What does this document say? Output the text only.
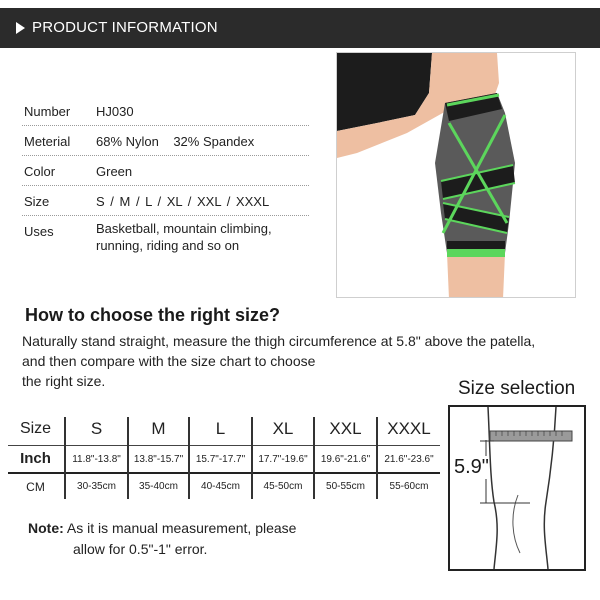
PRODUCT INFORMATION
Number HJ030
Meterial 68% Nylon    32% Spandex
Color	Green
Size	S / M / L / XL / XXL / XXXL
Uses	Basketball, mountain climbing,
running, riding and so on
How to choose the right size?
Naturally stand straight, measure the thigh circumference at 5.8" above the patella,
and then compare with the size chart to choose
the right size.	Size selection
Size	S	M	L	XL	XXL	XXXL
Inch	11.8"-13.8"	13.8"-15.7"	15.7"-17.7"	17.7"-19.6"	19.6"-21.6"	21.6"-23.6"
CM	30-35cm	35-40cm	40-45cm	45-50cm	50-55cm	55-60cm
5.9"
Note: As it is manual measurement, please
allow for 0.5"-1" error.
